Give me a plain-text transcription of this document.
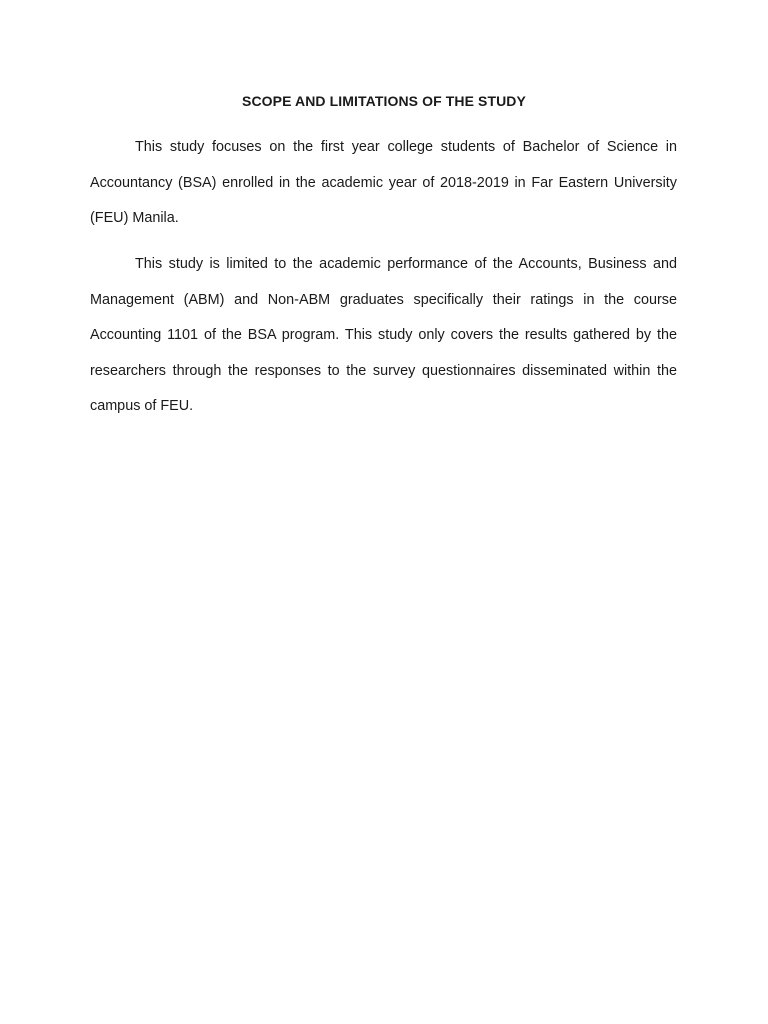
SCOPE AND LIMITATIONS OF THE STUDY

This study focuses on the first year college students of Bachelor of Science in Accountancy (BSA) enrolled in the academic year of 2018-2019 in Far Eastern University (FEU) Manila.

This study is limited to the academic performance of the Accounts, Business and Management (ABM) and Non-ABM graduates specifically their ratings in the course Accounting 1101 of the BSA program. This study only covers the results gathered by the researchers through the responses to the survey questionnaires disseminated within the campus of FEU.
